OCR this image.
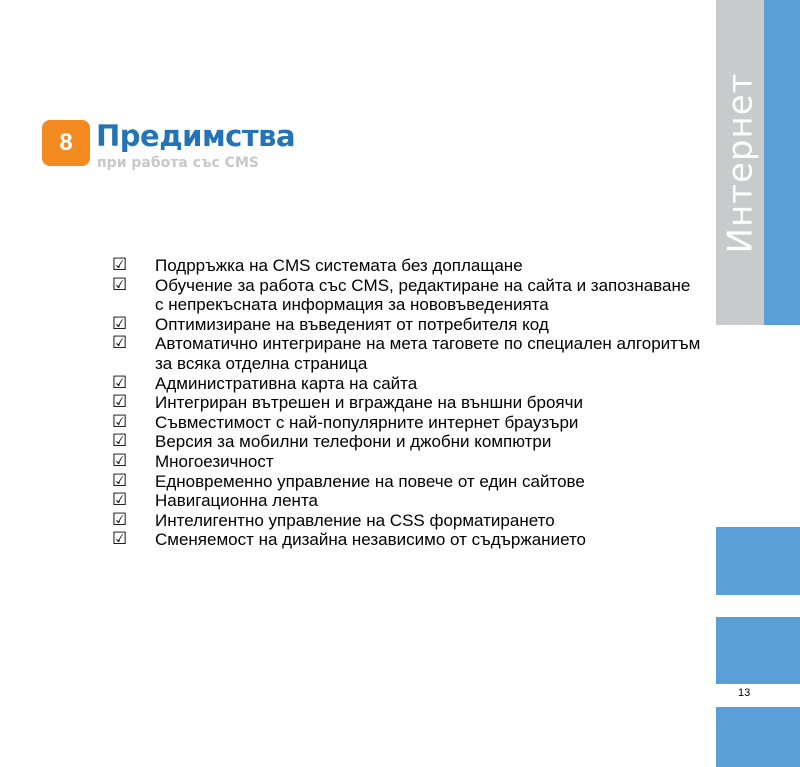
Интернет
13
8 Предимства
при работа със CMS
☑	Подрръжка на CMS системата без доплащане
☑	Обучение за работа със CMS, редактиране на сайта и запознаване с непрекъсната информация за нововъведенията
☑	Оптимизиране на въведеният от потребителя код
☑	Автоматично интегриране на мета таговете по специален алгоритъм за всяка отделна страница
☑	Административна карта на сайта
☑	Интегриран вътрешен и вграждане на външни броячи
☑	Съвместимост с най-популярните интернет браузъри
☑	Версия за мобилни телефони и джобни компютри
☑	Многоезичност
☑	Едновременно управление на повече от един сайтове
☑	Навигационна лента
☑	Интелигентно управление на CSS форматирането
☑	Сменяемост на дизайна независимо от съдържанието
